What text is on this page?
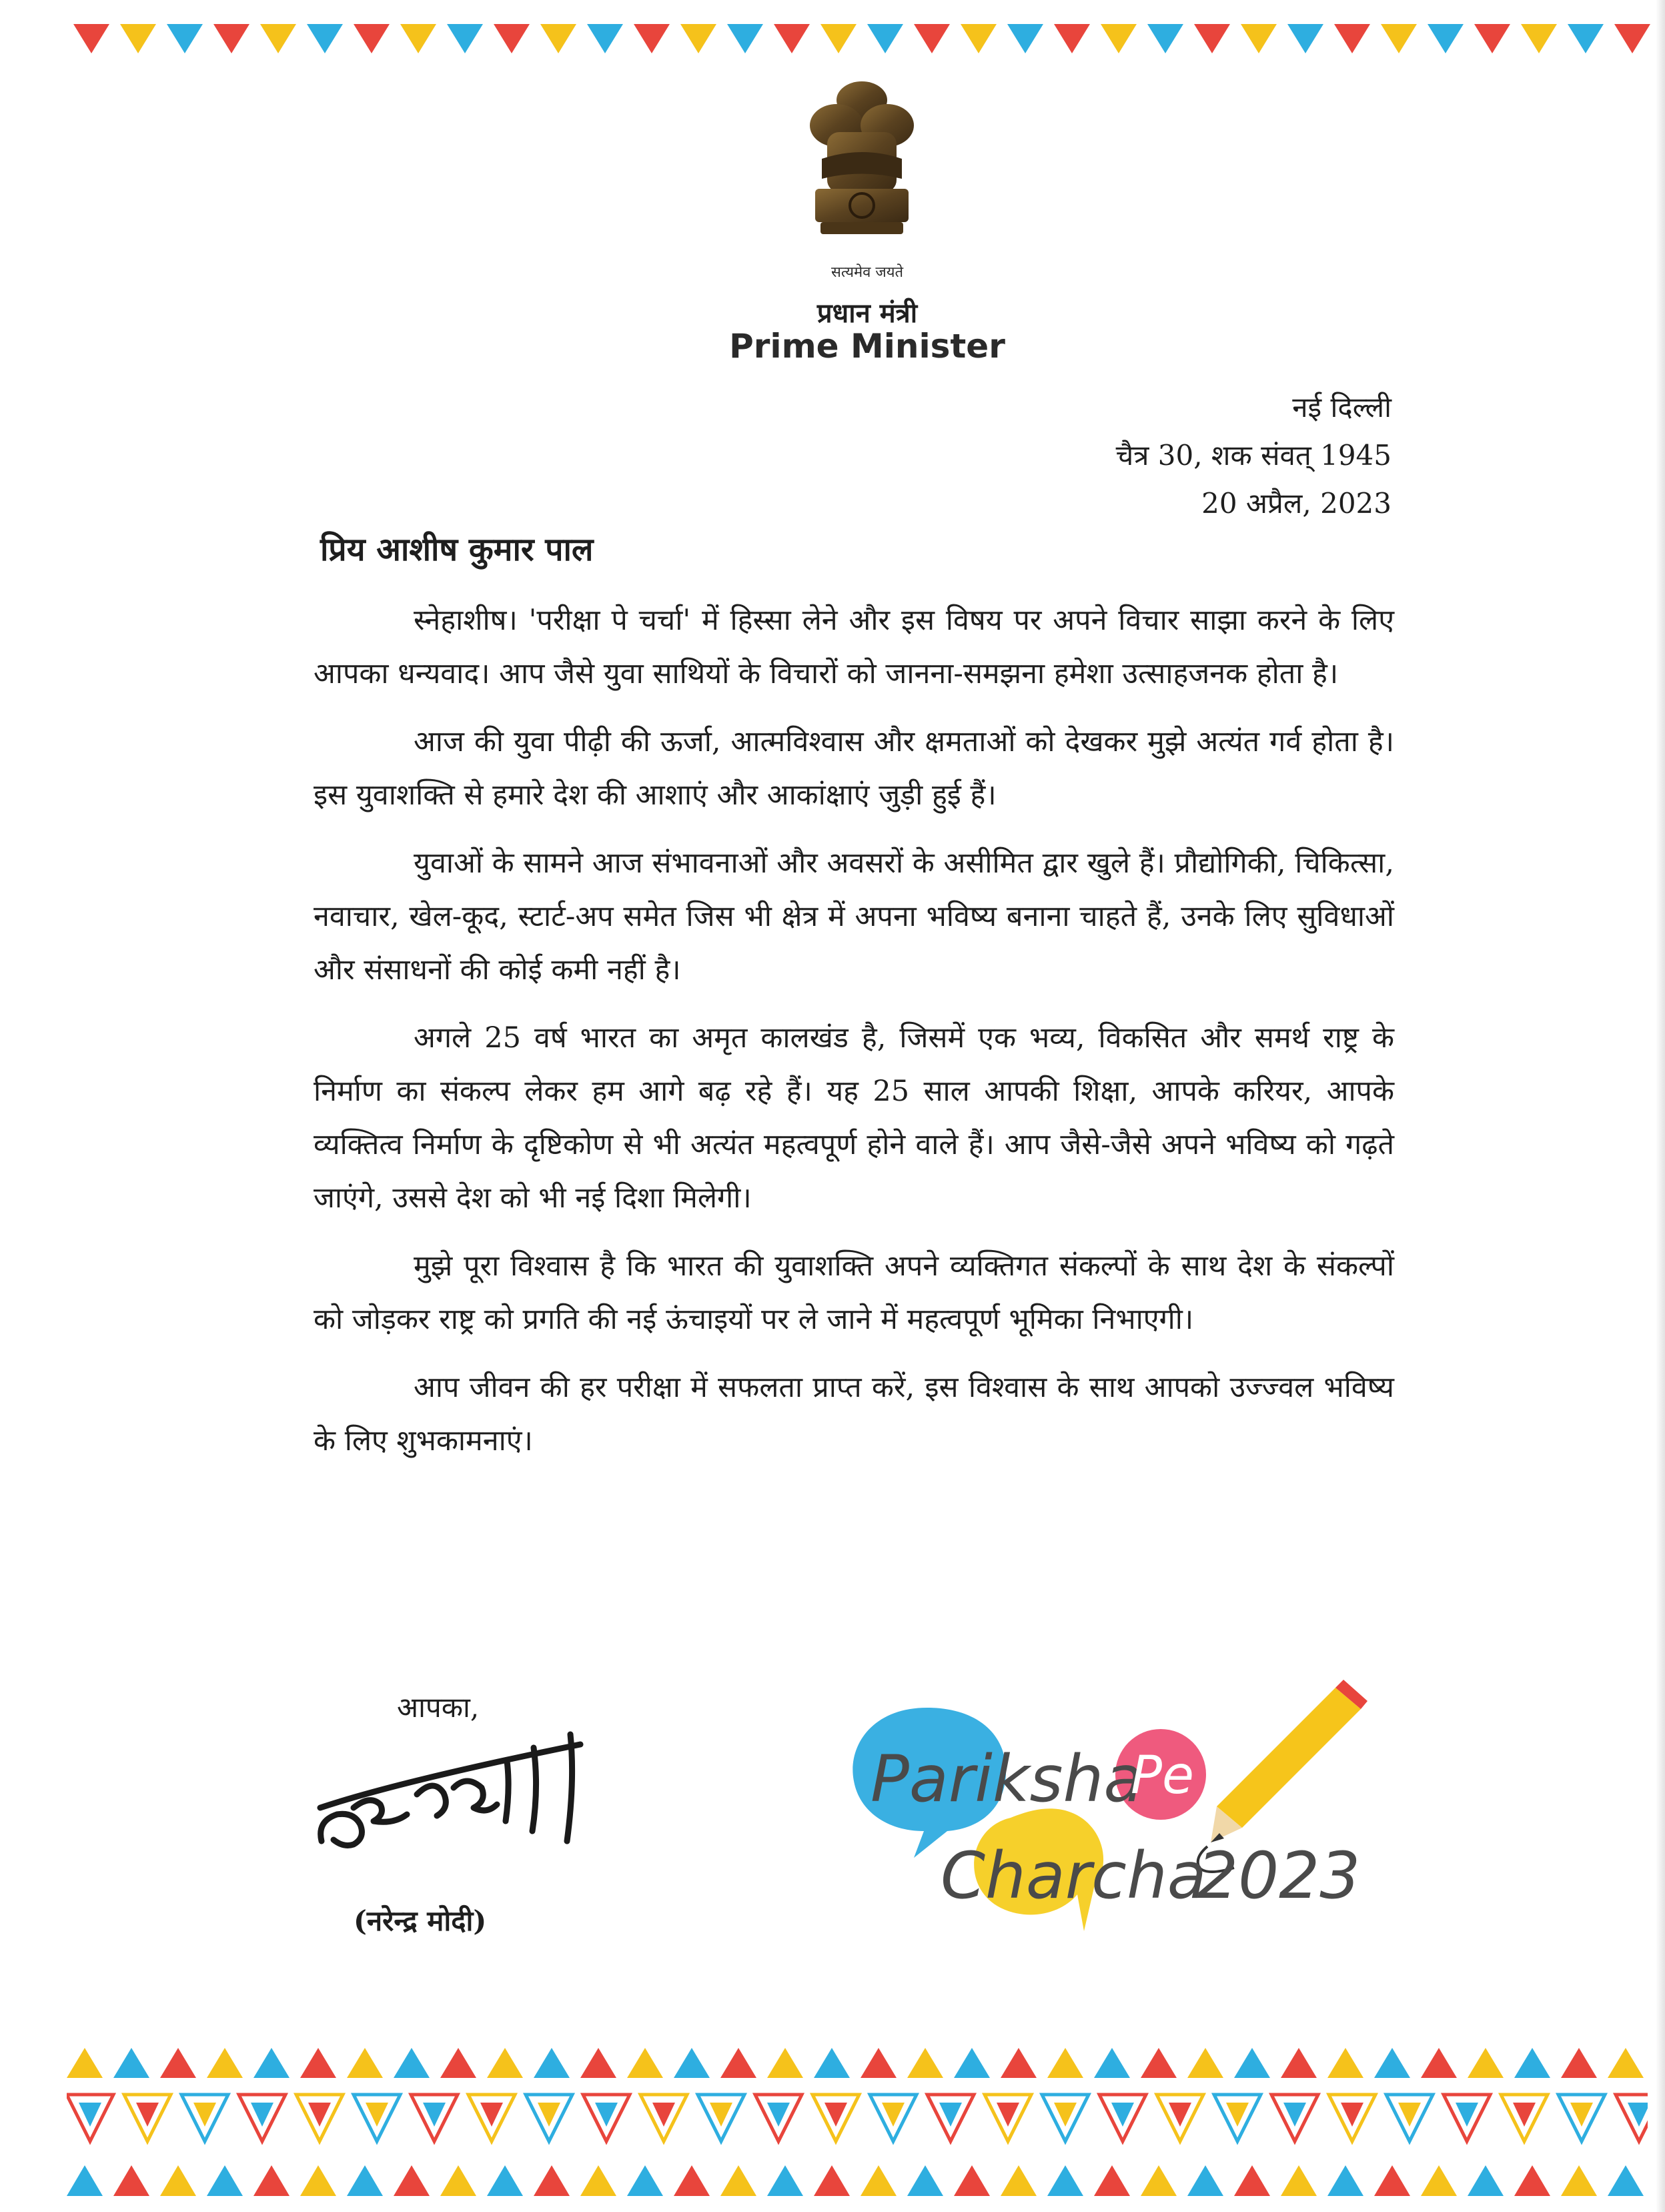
सत्यमेव जयते
प्रधान मंत्री
Prime Minister
नई दिल्ली
चैत्र 30, शक संवत् 1945
20 अप्रैल, 2023
प्रिय आशीष कुमार पाल

स्नेहाशीष। 'परीक्षा पे चर्चा' में हिस्सा लेने और इस विषय पर अपने विचार साझा करने के लिए आपका धन्यवाद। आप जैसे युवा साथियों के विचारों को जानना-समझना हमेशा उत्साहजनक होता है।

आज की युवा पीढ़ी की ऊर्जा, आत्मविश्वास और क्षमताओं को देखकर मुझे अत्यंत गर्व होता है। इस युवाशक्ति से हमारे देश की आशाएं और आकांक्षाएं जुड़ी हुई हैं।

युवाओं के सामने आज संभावनाओं और अवसरों के असीमित द्वार खुले हैं। प्रौद्योगिकी, चिकित्सा, नवाचार, खेल-कूद, स्टार्ट-अप समेत जिस भी क्षेत्र में अपना भविष्य बनाना चाहते हैं, उनके लिए सुविधाओं और संसाधनों की कोई कमी नहीं है।

अगले 25 वर्ष भारत का अमृत कालखंड है, जिसमें एक भव्य, विकसित और समर्थ राष्ट्र के निर्माण का संकल्प लेकर हम आगे बढ़ रहे हैं। यह 25 साल आपकी शिक्षा, आपके करियर, आपके व्यक्तित्व निर्माण के दृष्टिकोण से भी अत्यंत महत्वपूर्ण होने वाले हैं। आप जैसे-जैसे अपने भविष्य को गढ़ते जाएंगे, उससे देश को भी नई दिशा मिलेगी।

मुझे पूरा विश्वास है कि भारत की युवाशक्ति अपने व्यक्तिगत संकल्पों के साथ देश के संकल्पों को जोड़कर राष्ट्र को प्रगति की नई ऊंचाइयों पर ले जाने में महत्वपूर्ण भूमिका निभाएगी।

आप जीवन की हर परीक्षा में सफलता प्राप्त करें, इस विश्वास के साथ आपको उज्ज्वल भविष्य के लिए शुभकामनाएं।

आपका,
(नरेन्द्र मोदी)
Pariksha
Pe
Charcha
2023
